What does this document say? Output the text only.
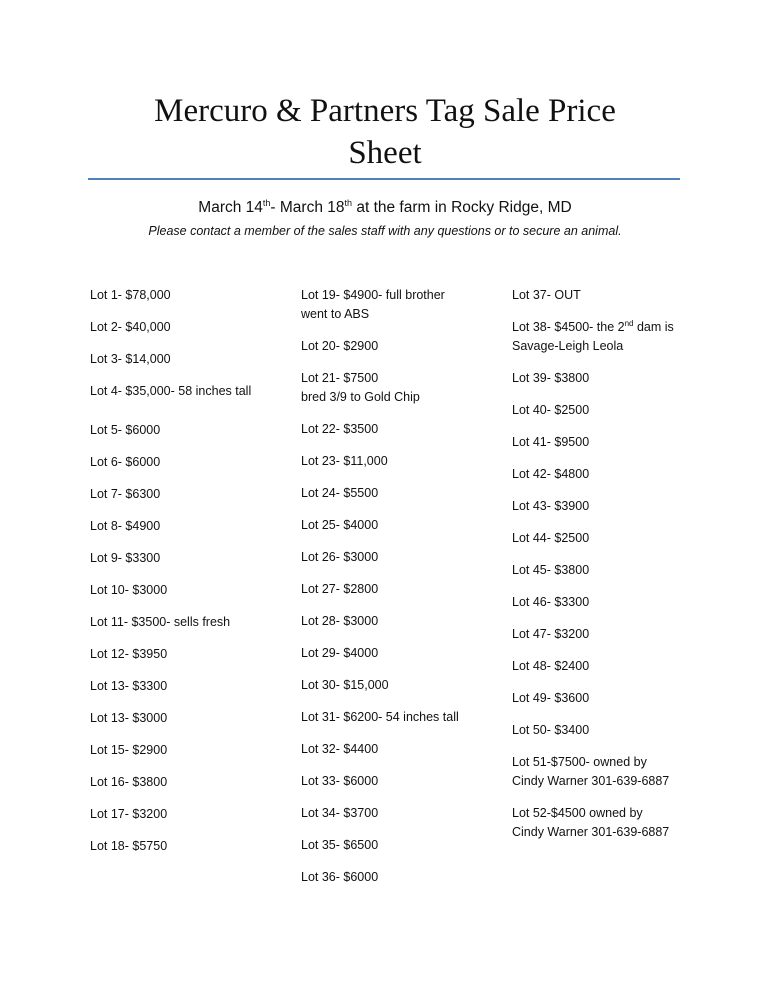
Mercuro & Partners Tag Sale Price
Sheet
March 14th- March 18th at the farm in Rocky Ridge, MD
Please contact a member of the sales staff with any questions or to secure an animal.
Lot 1- $78,000
Lot 2- $40,000
Lot 3- $14,000
Lot 4- $35,000- 58 inches tall
Lot 5- $6000
Lot 6- $6000
Lot 7- $6300
Lot 8- $4900
Lot 9- $3300
Lot 10- $3000
Lot 11- $3500- sells fresh
Lot 12- $3950
Lot 13- $3300
Lot 13- $3000
Lot 15- $2900
Lot 16- $3800
Lot 17- $3200
Lot 18- $5750
Lot 19- $4900- full brother
went to ABS
Lot 20- $2900
Lot 21- $7500
bred 3/9 to Gold Chip
Lot 22- $3500
Lot 23- $11,000
Lot 24- $5500
Lot 25- $4000
Lot 26- $3000
Lot 27- $2800
Lot 28- $3000
Lot 29- $4000
Lot 30- $15,000
Lot 31- $6200- 54 inches tall
Lot 32- $4400
Lot 33- $6000
Lot 34- $3700
Lot 35- $6500
Lot 36- $6000
Lot 37- OUT
Lot 38- $4500- the 2nd dam is
Savage-Leigh Leola
Lot 39- $3800
Lot 40- $2500
Lot 41- $9500
Lot 42- $4800
Lot 43- $3900
Lot 44- $2500
Lot 45- $3800
Lot 46- $3300
Lot 47- $3200
Lot 48- $2400
Lot 49- $3600
Lot 50- $3400
Lot 51-$7500- owned by
Cindy Warner 301-639-6887
Lot 52-$4500 owned by
Cindy Warner 301-639-6887
